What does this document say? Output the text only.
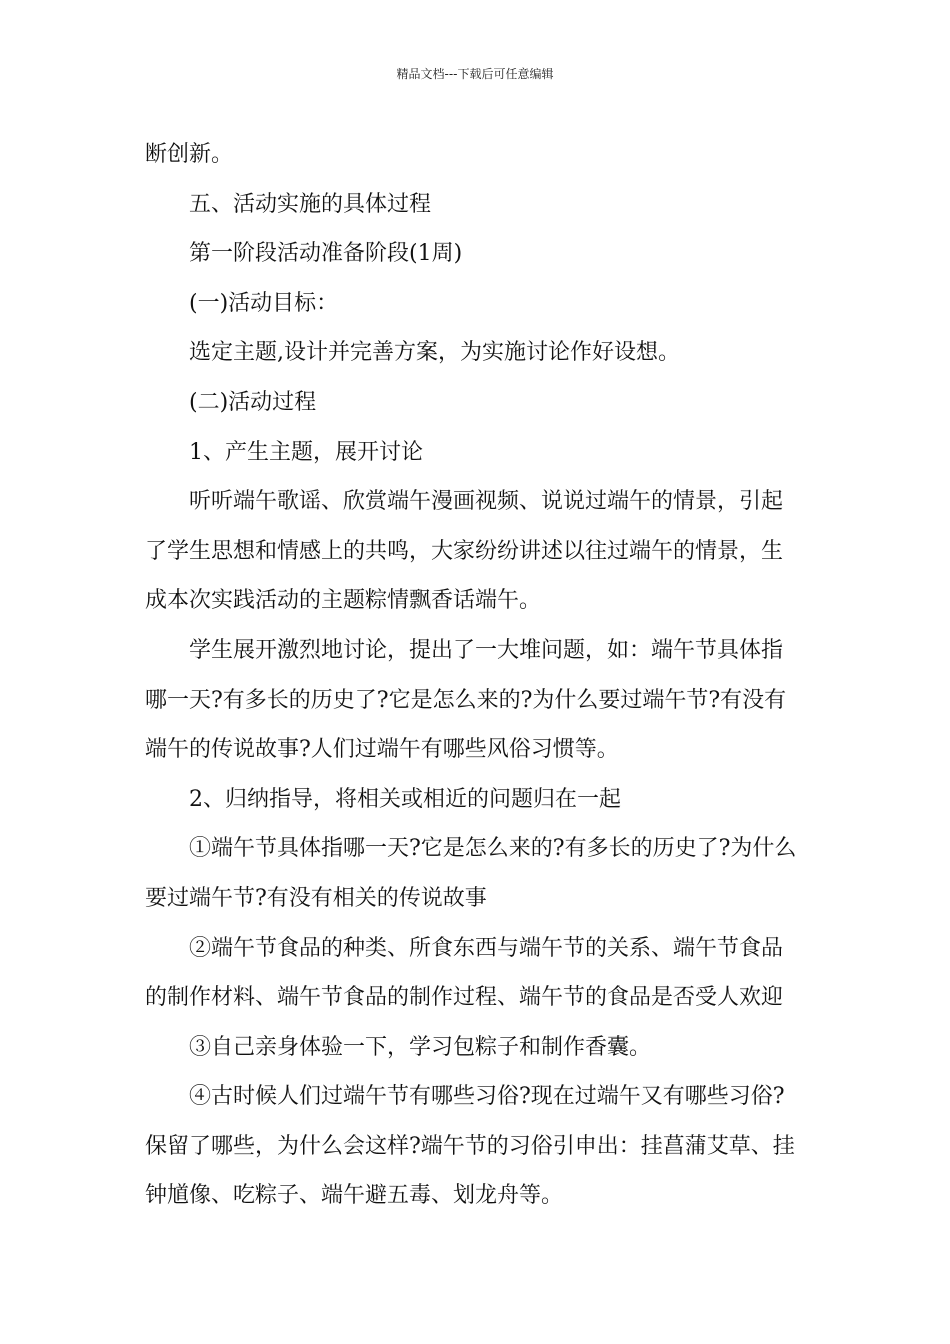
精品文档---下载后可任意编辑

断创新。

五、活动实施的具体过程

第一阶段活动准备阶段(1周)

(一)活动目标：

选定主题,设计并完善方案，为实施讨论作好设想。

(二)活动过程

1、产生主题，展开讨论

听听端午歌谣、欣赏端午漫画视频、说说过端午的情景，引起

了学生思想和情感上的共鸣，大家纷纷讲述以往过端午的情景，生

成本次实践活动的主题粽情飘香话端午。

学生展开激烈地讨论，提出了一大堆问题，如：端午节具体指

哪一天?有多长的历史了?它是怎么来的?为什么要过端午节?有没有

端午的传说故事?人们过端午有哪些风俗习惯等。

2、归纳指导，将相关或相近的问题归在一起

①端午节具体指哪一天?它是怎么来的?有多长的历史了?为什么

要过端午节?有没有相关的传说故事

②端午节食品的种类、所食东西与端午节的关系、端午节食品

的制作材料、端午节食品的制作过程、端午节的食品是否受人欢迎

③自己亲身体验一下，学习包粽子和制作香囊。

④古时候人们过端午节有哪些习俗?现在过端午又有哪些习俗?

保留了哪些，为什么会这样?端午节的习俗引申出：挂菖蒲艾草、挂

钟馗像、吃粽子、端午避五毒、划龙舟等。
